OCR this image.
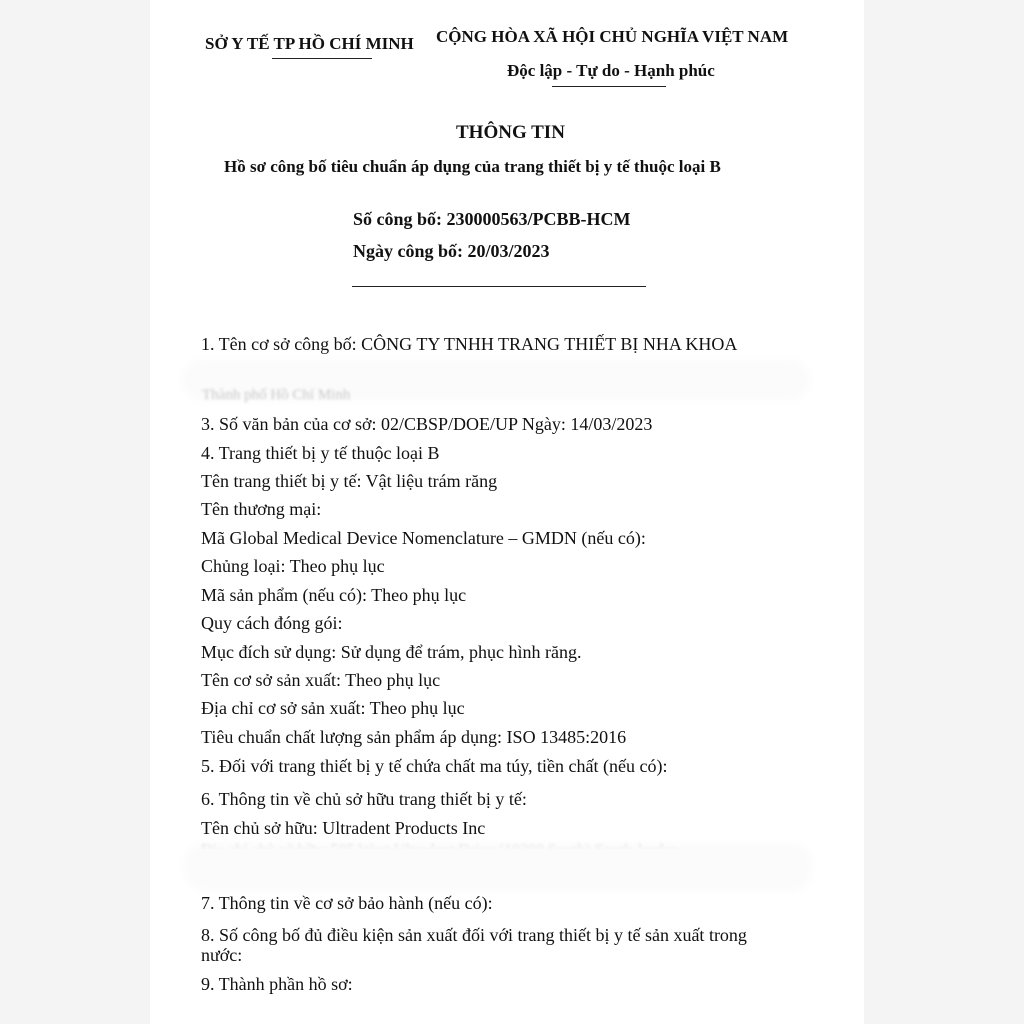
SỞ Y TẾ TP HỒ CHÍ MINH CỘNG HÒA XÃ HỘI CHỦ NGHĨA VIỆT NAM
Độc lập - Tự do - Hạnh phúc
THÔNG TIN
Hồ sơ công bố tiêu chuẩn áp dụng của trang thiết bị y tế thuộc loại B
Số công bố: 230000563/PCBB-HCM
Ngày công bố: 20/03/2023
1. Tên cơ sở công bố: CÔNG TY TNHH TRANG THIẾT BỊ NHA KHOA
Thành phố Hồ Chí Minh
3. Số văn bản của cơ sở: 02/CBSP/DOE/UP Ngày: 14/03/2023
4. Trang thiết bị y tế thuộc loại B
Tên trang thiết bị y tế: Vật liệu trám răng
Tên thương mại:
Mã Global Medical Device Nomenclature – GMDN (nếu có):
Chủng loại: Theo phụ lục
Mã sản phẩm (nếu có): Theo phụ lục
Quy cách đóng gói:
Mục đích sử dụng: Sử dụng để trám, phục hình răng.
Tên cơ sở sản xuất: Theo phụ lục
Địa chỉ cơ sở sản xuất: Theo phụ lục
Tiêu chuẩn chất lượng sản phẩm áp dụng: ISO 13485:2016
5. Đối với trang thiết bị y tế chứa chất ma túy, tiền chất (nếu có):
6. Thông tin về chủ sở hữu trang thiết bị y tế:
Tên chủ sở hữu: Ultradent Products Inc
7. Thông tin về cơ sở bảo hành (nếu có):
8. Số công bố đủ điều kiện sản xuất đối với trang thiết bị y tế sản xuất trong
nước:
9. Thành phần hồ sơ:
